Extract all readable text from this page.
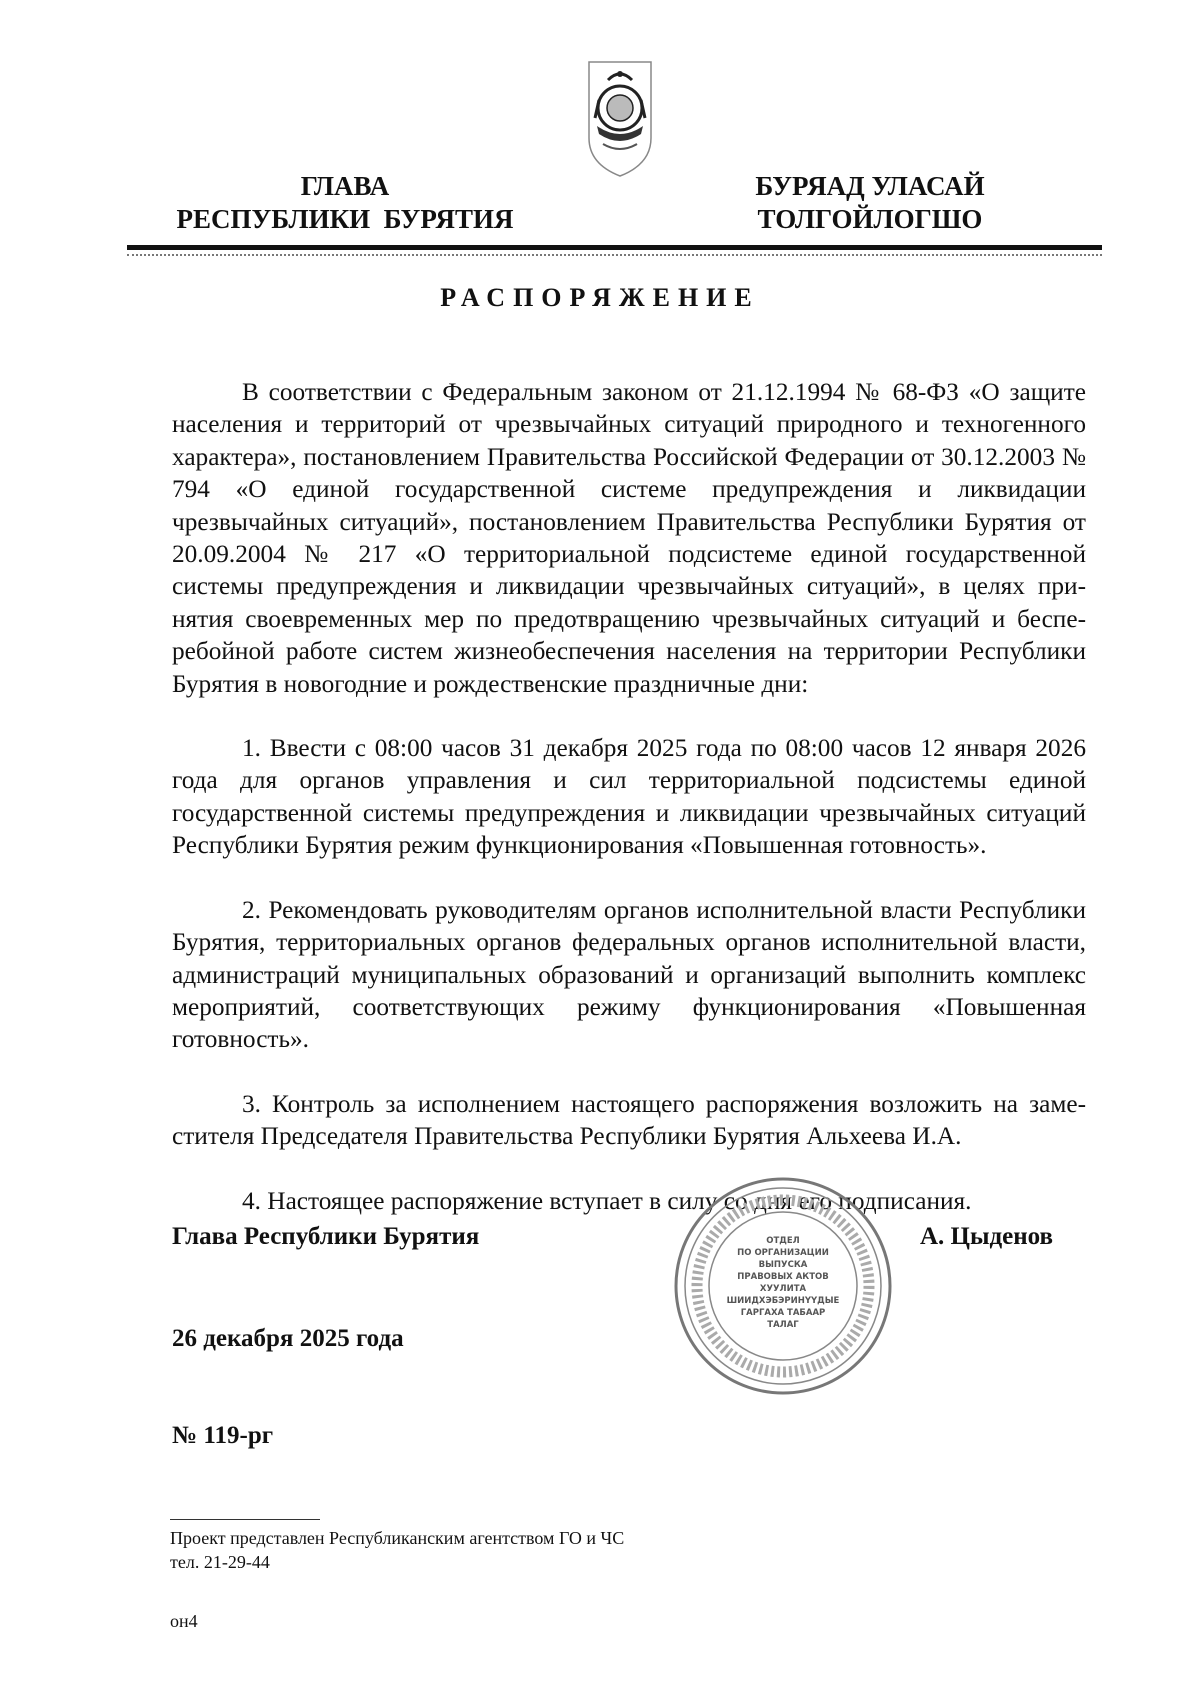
ГЛАВА
РЕСПУБЛИКИ  БУРЯТИЯ
БУРЯАД УЛАСАЙ
ТОЛГОЙЛОГШО
РАСПОРЯЖЕНИЕ

В соответствии с Федеральным законом от 21.12.1994 № 68-ФЗ «О защите населения и территорий от чрезвычайных ситуаций природного и техногенного характера», постановлением Правительства Российской Федерации от 30.12.2003 № 794 «О единой государственной системе предупреждения и ликвидации чрезвычайных ситуаций», постановлением Правительства Республики Бурятия от 20.09.2004 № 217 «О территориальной подсистеме единой государственной системы предупреждения и ликвидации чрезвычайных ситуаций», в целях принятия своевременных мер по предотвращению чрезвычайных ситуаций и бесперебойной работе систем жизнеобеспечения населения на территории Республики Бурятия в новогодние и рождественские праздничные дни:

1. Ввести с 08:00 часов 31 декабря 2025 года по 08:00 часов 12 января 2026 года для органов управления и сил территориальной подсистемы единой государственной системы предупреждения и ликвидации чрезвычайных ситуаций Республики Бурятия режим функционирования «Повышенная готовность».

2. Рекомендовать руководителям органов исполнительной власти Республики Бурятия, территориальных органов федеральных органов исполнительной власти, администраций муниципальных образований и организаций выполнить комплекс мероприятий, соответствующих режиму функционирования «Повышенная готовность».

3. Контроль за исполнением настоящего распоряжения возложить на заместителя Председателя Правительства Республики Бурятия Альхеева И.А.

4. Настоящее распоряжение вступает в силу со дня его подписания.

Глава Республики Бурятия	А. Цыденов
ОТДЕЛ
ПО ОРГАНИЗАЦИИ
ВЫПУСКА
ПРАВОВЫХ АКТОВ
ХУУЛИТА
ШИИДХЭБЭРИНҮҮДЫЕ
ГАРГАХА ТАБААР
ТАЛАГ
26 декабря 2025 года
№ 119-рг
Проект представлен Республиканским агентством ГО и ЧС
тел. 21-29-44
он4
